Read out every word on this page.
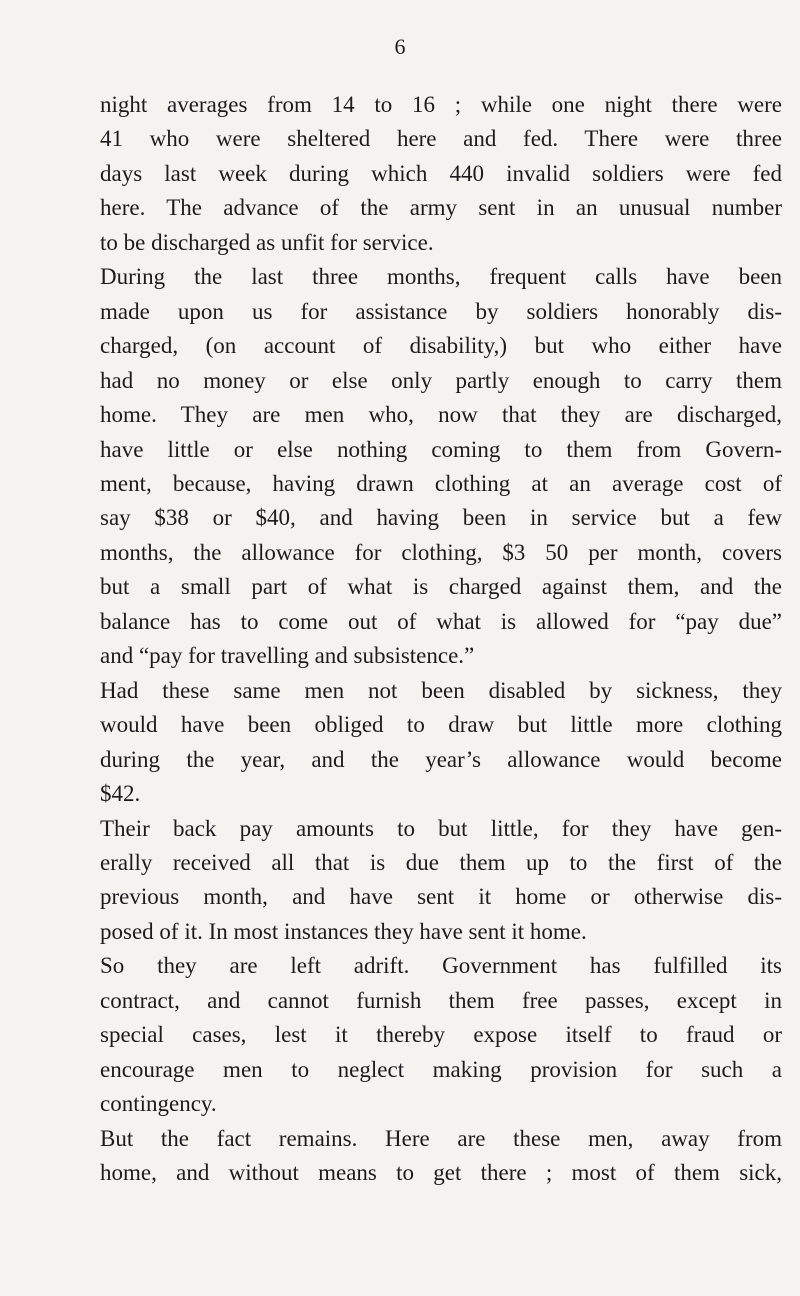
6

night averages from 14 to 16 ; while one night there were

41 who were sheltered here and fed. There were three

days last week during which 440 invalid soldiers were fed

here. The advance of the army sent in an unusual number

to be discharged as unfit for service.

During the last three months, frequent calls have been

made upon us for assistance by soldiers honorably dis-

charged, (on account of disability,) but who either have

had no money or else only partly enough to carry them

home. They are men who, now that they are discharged,

have little or else nothing coming to them from Govern-

ment, because, having drawn clothing at an average cost of

say $38 or $40, and having been in service but a few

months, the allowance for clothing, $3 50 per month, covers

but a small part of what is charged against them, and the

balance has to come out of what is allowed for “pay due”

and “pay for travelling and subsistence.”

Had these same men not been disabled by sickness, they

would have been obliged to draw but little more clothing

during the year, and the year’s allowance would become

$42.

Their back pay amounts to but little, for they have gen-

erally received all that is due them up to the first of the

previous month, and have sent it home or otherwise dis-

posed of it. In most instances they have sent it home.

So they are left adrift. Government has fulfilled its

contract, and cannot furnish them free passes, except in

special cases, lest it thereby expose itself to fraud or

encourage men to neglect making provision for such a

contingency.

But the fact remains. Here are these men, away from

home, and without means to get there ; most of them sick,
